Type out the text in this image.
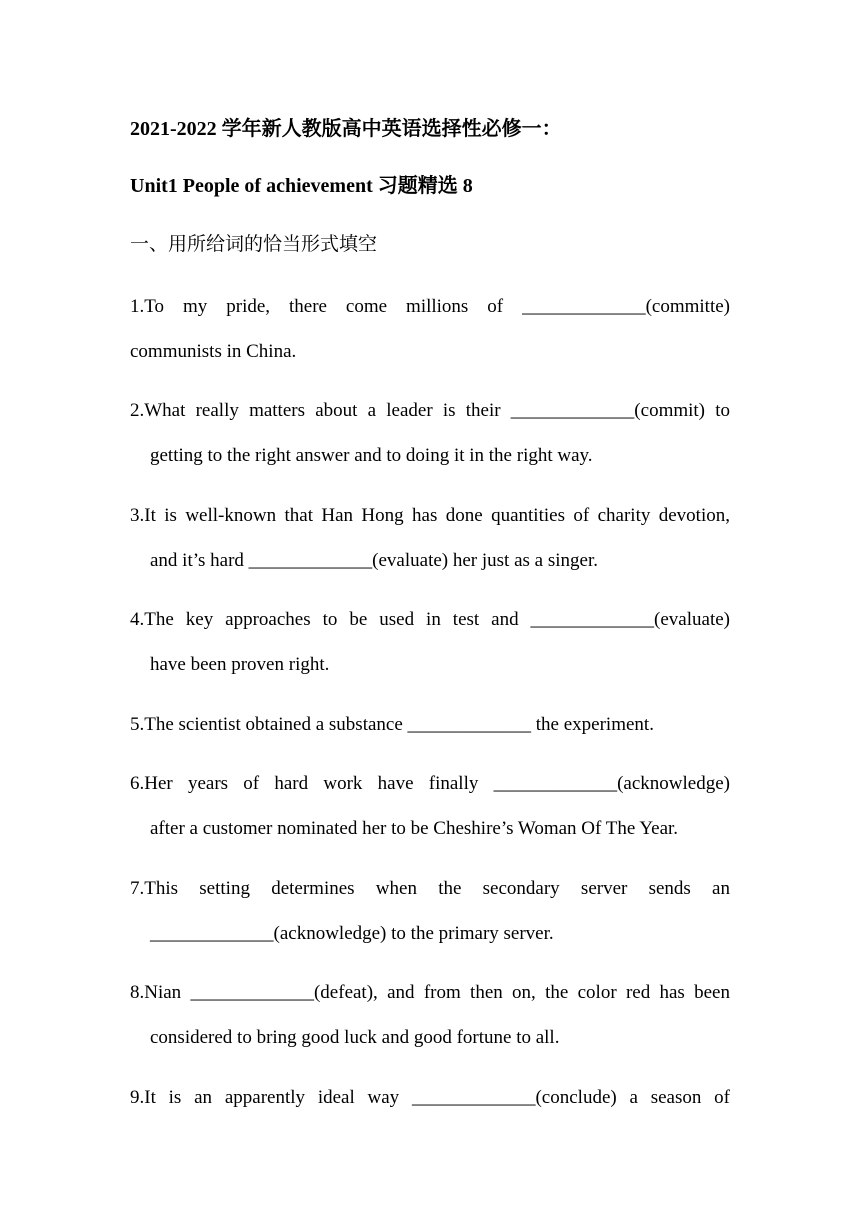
2021-2022 学年新人教版高中英语选择性必修一：
Unit1 People of achievement 习题精选 8
一、用所给词的恰当形式填空
1.To my pride, there come millions of _____________(committe)
communists in China.
2.What really matters about a leader is their _____________(commit) to
getting to the right answer and to doing it in the right way.
3.It is well-known that Han Hong has done quantities of charity devotion,
and it’s hard _____________(evaluate) her just as a singer.
4.The key approaches to be used in test and _____________(evaluate)
have been proven right.
5.The scientist obtained a substance _____________ the experiment.
6.Her years of hard work have finally _____________(acknowledge)
after a customer nominated her to be Cheshire’s Woman Of The Year.
7.This setting determines when the secondary server sends an
_____________(acknowledge) to the primary server.
8.Nian _____________(defeat), and from then on, the color red has been
considered to bring good luck and good fortune to all.
9.It is an apparently ideal way _____________(conclude) a season of
